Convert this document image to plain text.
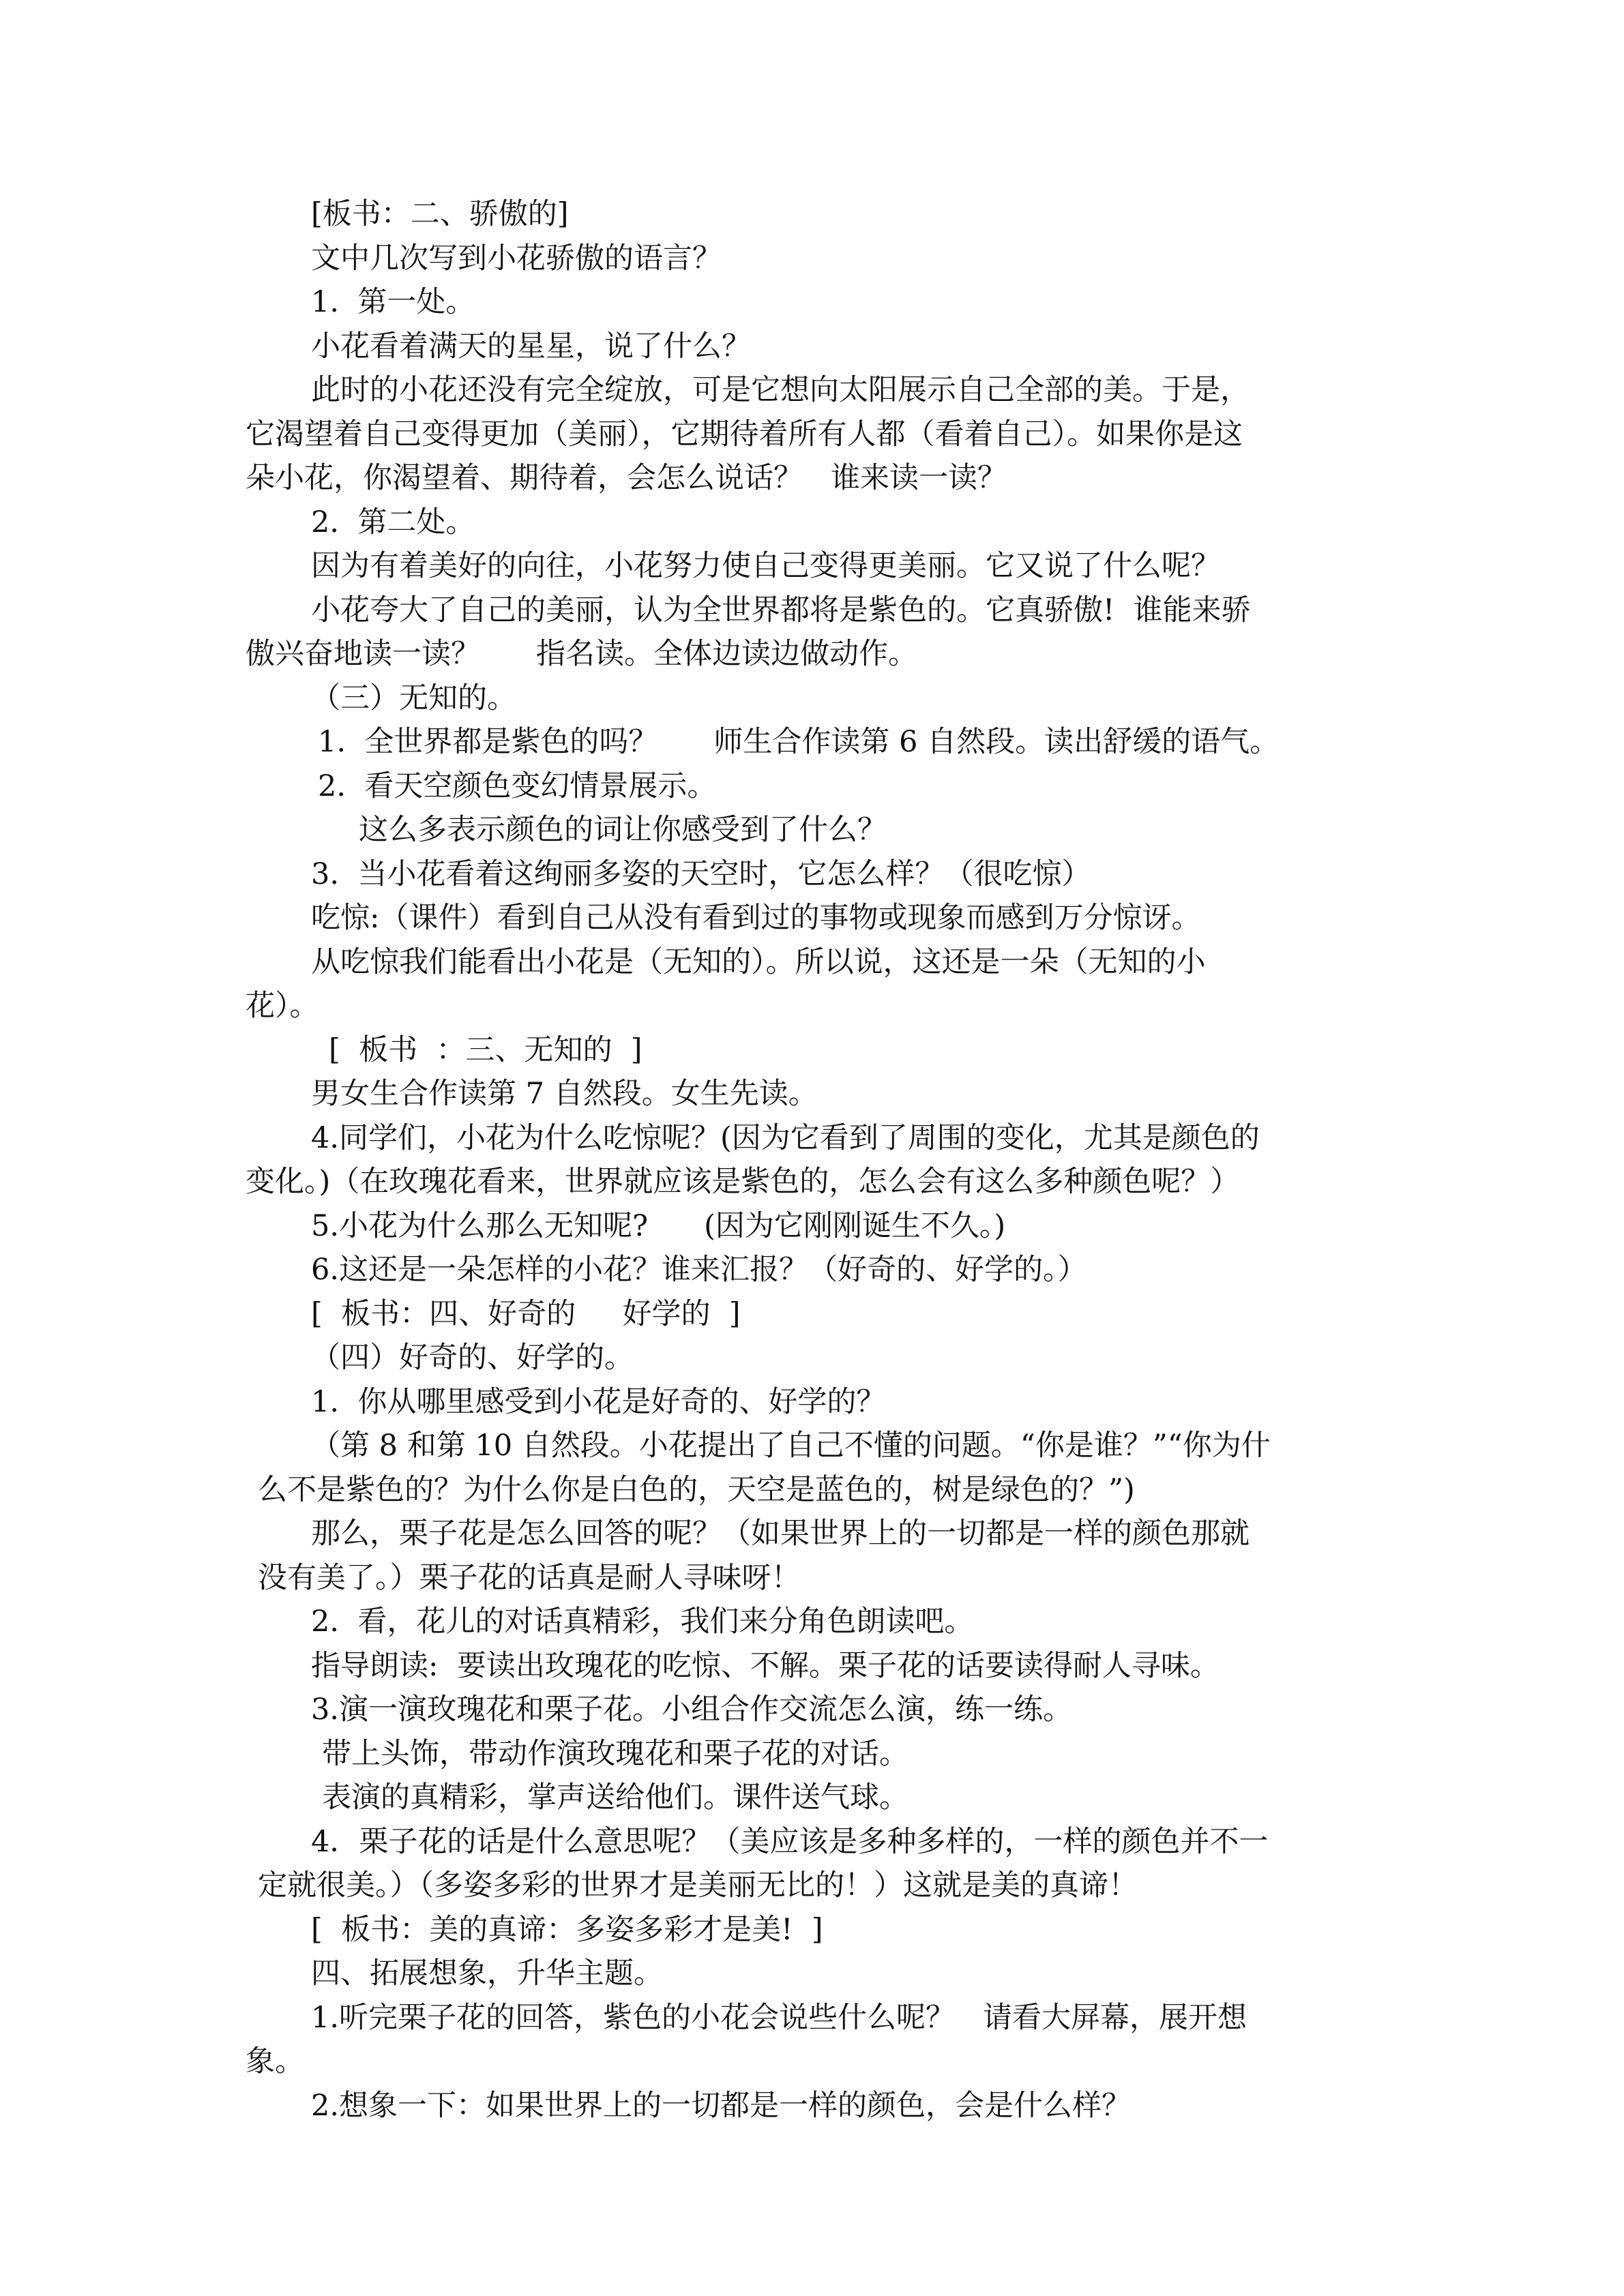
[板书：二、骄傲的]
文中几次写到小花骄傲的语言？
1.  第一处。
小花看着满天的星星，说了什么？
此时的小花还没有完全绽放，可是它想向太阳展示自己全部的美。于是，
它渴望着自己变得更加（美丽），它期待着所有人都（看着自己）。如果你是这
朵小花，你渴望着、期待着，会怎么说话？   谁来读一读？
2.  第二处。
因为有着美好的向往，小花努力使自己变得更美丽。它又说了什么呢？
小花夸大了自己的美丽，认为全世界都将是紫色的。它真骄傲!  谁能来骄
傲兴奋地读一读？      指名读。全体边读边做动作。
（三）无知的。
1.  全世界都是紫色的吗？      师生合作读第 6 自然段。读出舒缓的语气。
2.  看天空颜色变幻情景展示。
这么多表示颜色的词让你感受到了什么？
3.  当小花看着这绚丽多姿的天空时，它怎么样？（很吃惊）
吃惊:（课件）看到自己从没有看到过的事物或现象而感到万分惊讶。
从吃惊我们能看出小花是（无知的）。所以说，这还是一朵（无知的小
花）。
[  板书  ：三、无知的  ]
男女生合作读第 7 自然段。女生先读。
4.同学们，小花为什么吃惊呢？(因为它看到了周围的变化，尤其是颜色的
变化。)（在玫瑰花看来，世界就应该是紫色的，怎么会有这么多种颜色呢？）
5.小花为什么那么无知呢?      (因为它刚刚诞生不久。)
6.这还是一朵怎样的小花？谁来汇报？（好奇的、好学的。）
[  板书：四、好奇的     好学的  ]
（四）好奇的、好学的。
1.  你从哪里感受到小花是好奇的、好学的？
（第 8 和第 10 自然段。小花提出了自己不懂的问题。“你是谁？”“你为什
么不是紫色的？为什么你是白色的，天空是蓝色的，树是绿色的？”)
那么，栗子花是怎么回答的呢？（如果世界上的一切都是一样的颜色那就
没有美了。）栗子花的话真是耐人寻味呀！
2.  看，花儿的对话真精彩，我们来分角色朗读吧。
指导朗读:  要读出玫瑰花的吃惊、不解。栗子花的话要读得耐人寻味。
3.演一演玫瑰花和栗子花。小组合作交流怎么演，练一练。
带上头饰，带动作演玫瑰花和栗子花的对话。
表演的真精彩，掌声送给他们。课件送气球。
4．栗子花的话是什么意思呢？（美应该是多种多样的，一样的颜色并不一
定就很美。）（多姿多彩的世界才是美丽无比的！）这就是美的真谛！
[  板书：美的真谛：多姿多彩才是美!  ]
四、拓展想象，升华主题。
1.听完栗子花的回答，紫色的小花会说些什么呢？   请看大屏幕，展开想
象。
2.想象一下：如果世界上的一切都是一样的颜色，会是什么样？
